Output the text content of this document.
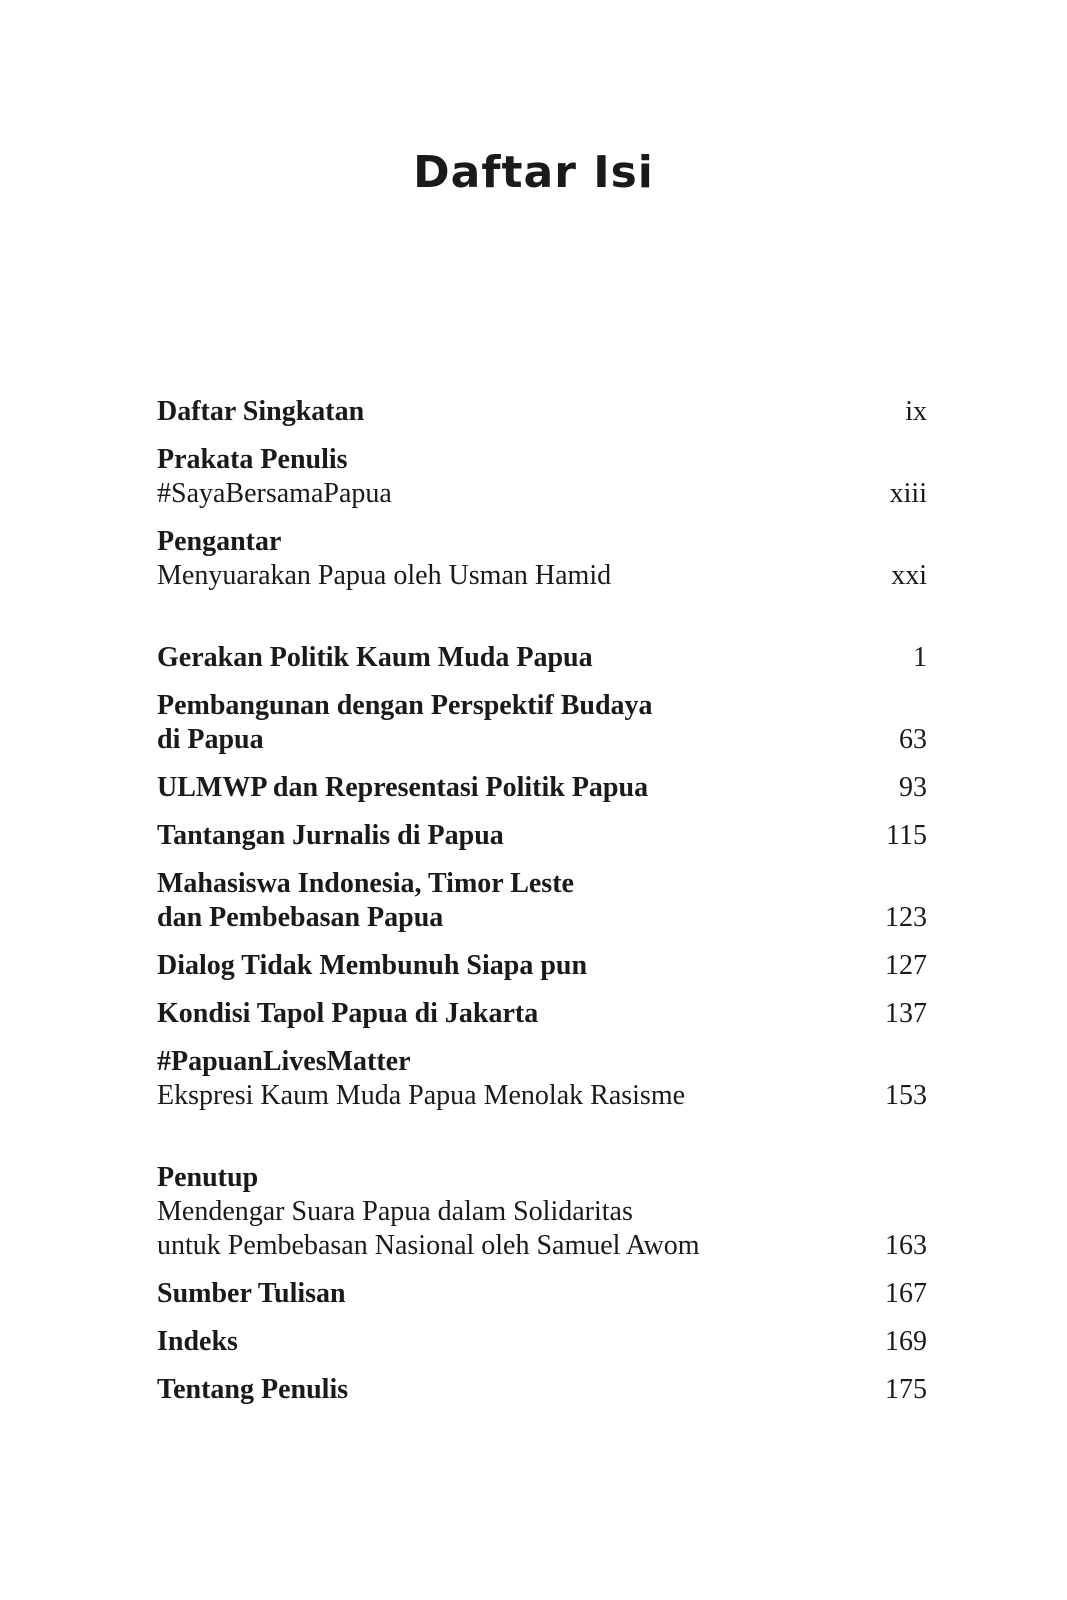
Daftar Isi
Daftar Singkatan	ix
Prakata Penulis
#SayaBersamaPapua	xiii
Pengantar
Menyuarakan Papua oleh Usman Hamid	xxi
Gerakan Politik Kaum Muda Papua	1
Pembangunan dengan Perspektif Budaya
di Papua	63
ULMWP dan Representasi Politik Papua	93
Tantangan Jurnalis di Papua	115
Mahasiswa Indonesia, Timor Leste
dan Pembebasan Papua	123
Dialog Tidak Membunuh Siapa pun	127
Kondisi Tapol Papua di Jakarta	137
#PapuanLivesMatter
Ekspresi Kaum Muda Papua Menolak Rasisme	153
Penutup
Mendengar Suara Papua dalam Solidaritas
untuk Pembebasan Nasional oleh Samuel Awom	163
Sumber Tulisan	167
Indeks	169
Tentang Penulis	175
